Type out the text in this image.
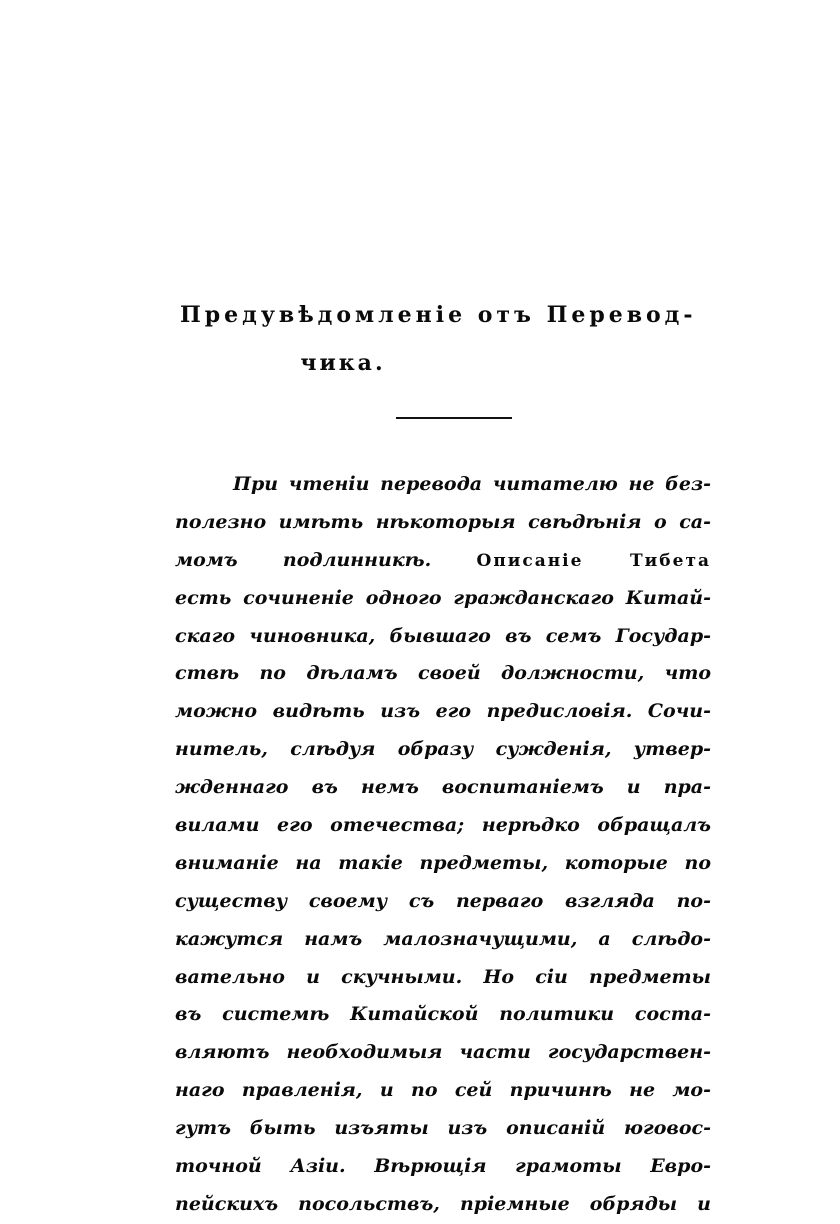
Предувѣдомленіе отъ Перевод-
чика.
При чтеніи перевода читателю не без-
полезно имѣть нѣкоторыя свѣдѣнія о са-
момъ подлинникѣ.	Описаніе Тибета
есть сочиненіе одного гражданскаго Китай-
скаго чиновника, бывшаго въ семъ Государ-
ствѣ по дѣламъ своей должности, что
можно видѣть изъ его предисловія. Сочи-
нитель, слѣдуя образу сужденія, утвер-
жденнаго въ немъ воспитаніемъ и пра-
вилами его отечества; нерѣдко обращалъ
вниманіе на такіе предметы, которые по
существу своему съ перваго взгляда по-
кажутся намъ малозначущими, а слѣдо-
вательно и скучными. Но сіи предметы
въ системѣ Китайской политики соста-
вляютъ необходимыя части государствен-
наго правленія, и по сей причинѣ не мо-
гутъ быть изъяты изъ описаній юговос-
точной Азіи. Вѣрющія грамоты Евро-
пейскихъ посольствъ, пріемные обряды и
